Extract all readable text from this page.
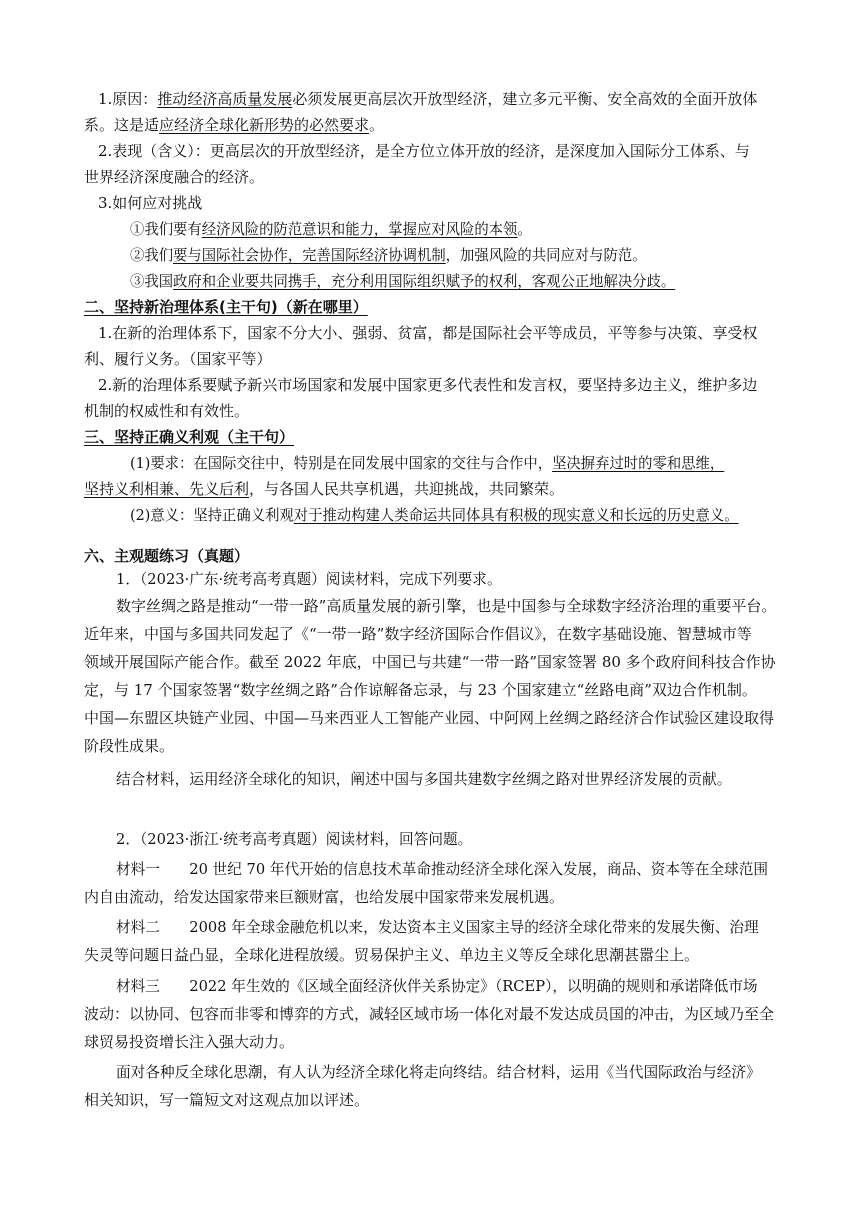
1.原因：推动经济高质量发展必须发展更高层次开放型经济，建立多元平衡、安全高效的全面开放体
系。这是适应经济全球化新形势的必然要求。
2.表现（含义）：更高层次的开放型经济，是全方位立体开放的经济，是深度加入国际分工体系、与
世界经济深度融合的经济。
3.如何应对挑战
①我们要有经济风险的防范意识和能力，掌握应对风险的本领。
②我们要与国际社会协作，完善国际经济协调机制，加强风险的共同应对与防范。
③我国政府和企业要共同携手，充分利用国际组织赋予的权利，客观公正地解决分歧。
二、坚持新治理体系(主干句)（新在哪里）
1.在新的治理体系下，国家不分大小、强弱、贫富，都是国际社会平等成员，平等参与决策、享受权
利、履行义务。（国家平等）
2.新的治理体系要赋予新兴市场国家和发展中国家更多代表性和发言权，要坚持多边主义，维护多边
机制的权威性和有效性。
三、坚持正确义利观（主干句）
(1)要求：在国际交往中，特别是在同发展中国家的交往与合作中，坚决摒弃过时的零和思维，
坚持义利相兼、先义后利，与各国人民共享机遇，共迎挑战，共同繁荣。
(2)意义：坚持正确义利观对于推动构建人类命运共同体具有积极的现实意义和长远的历史意义。
六、主观题练习（真题）
1．（2023·广东·统考高考真题）阅读材料，完成下列要求。
数字丝绸之路是推动“一带一路”高质量发展的新引擎，也是中国参与全球数字经济治理的重要平台。
近年来，中国与多国共同发起了《“一带一路”数字经济国际合作倡议》，在数字基础设施、智慧城市等
领域开展国际产能合作。截至 2022 年底，中国已与共建“一带一路”国家签署 80 多个政府间科技合作协
定，与 17 个国家签署“数字丝绸之路”合作谅解备忘录，与 23 个国家建立“丝路电商”双边合作机制。
中国—东盟区块链产业园、中国—马来西亚人工智能产业园、中阿网上丝绸之路经济合作试验区建设取得
阶段性成果。
结合材料，运用经济全球化的知识，阐述中国与多国共建数字丝绸之路对世界经济发展的贡献。
2．（2023·浙江·统考高考真题）阅读材料，回答问题。
材料一　　20 世纪 70 年代开始的信息技术革命推动经济全球化深入发展，商品、资本等在全球范围
内自由流动，给发达国家带来巨额财富，也给发展中国家带来发展机遇。
材料二　　2008 年全球金融危机以来，发达资本主义国家主导的经济全球化带来的发展失衡、治理
失灵等问题日益凸显，全球化进程放缓。贸易保护主义、单边主义等反全球化思潮甚嚣尘上。
材料三　　2022 年生效的《区域全面经济伙伴关系协定》（RCEP），以明确的规则和承诺降低市场
波动：以协同、包容而非零和博弈的方式，减轻区域市场一体化对最不发达成员国的冲击，为区域乃至全
球贸易投资增长注入强大动力。
面对各种反全球化思潮，有人认为经济全球化将走向终结。结合材料，运用《当代国际政治与经济》
相关知识，写一篇短文对这观点加以评述。
